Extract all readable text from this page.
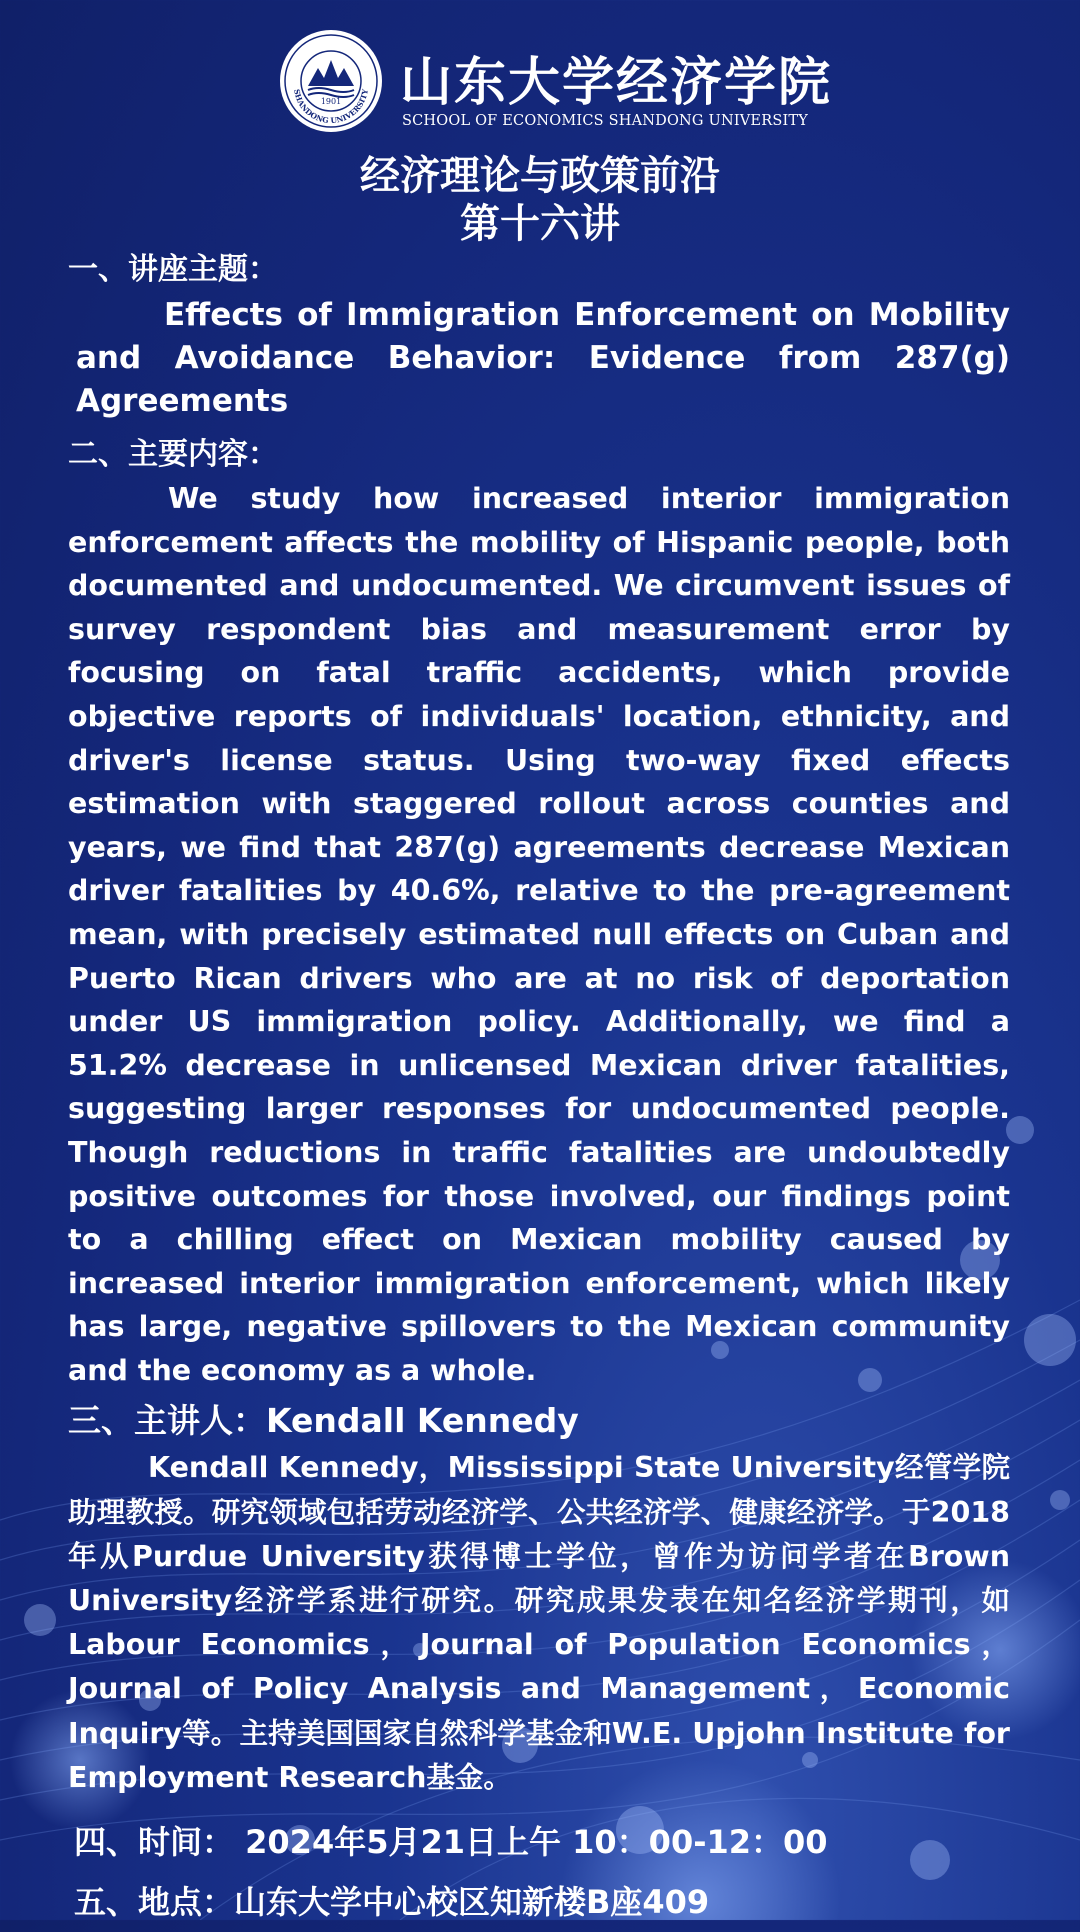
1901
SHANDONG UNIVERSITY 山东大学经济学院
SCHOOL OF ECONOMICS SHANDONG UNIVERSITY
经济理论与政策前沿
第十六讲
一、讲座主题：
Effects of Immigration Enforcement on Mobility and Avoidance Behavior: Evidence from 287(g) Agreements
二、主要内容：

We study how increased interior immigration enforcement affects the mobility of Hispanic people, both documented and undocumented. We circumvent issues of survey respondent bias and measurement error by focusing on fatal traffic accidents, which provide objective reports of individuals' location, ethnicity, and driver's license status. Using two-way fixed effects estimation with staggered rollout across counties and years, we find that 287(g) agreements decrease Mexican driver fatalities by 40.6%, relative to the pre-agreement mean, with precisely estimated null effects on Cuban and Puerto Rican drivers who are at no risk of deportation under US immigration policy. Additionally, we find a 51.2% decrease in unlicensed Mexican driver fatalities, suggesting larger responses for undocumented people. Though reductions in traffic fatalities are undoubtedly positive outcomes for those involved, our findings point to a chilling effect on Mexican mobility caused by increased interior immigration enforcement, which likely has large, negative spillovers to the Mexican community and the economy as a whole.

三、主讲人：Kendall Kennedy

Kendall Kennedy，Mississippi State University经管学院助理教授。研究领域包括劳动经济学、公共经济学、健康经济学。于2018年从Purdue University获得博士学位，曾作为访问学者在Brown University经济学系进行研究。研究成果发表在知名经济学期刊，如Labour Economics，Journal of Population Economics，Journal of Policy Analysis and Management，Economic Inquiry等。主持美国国家自然科学基金和W.E. Upjohn Institute for Employment Research基金。

四、时间： 2024年5月21日上午 10：00-12：00
五、地点：山东大学中心校区知新楼B座409
